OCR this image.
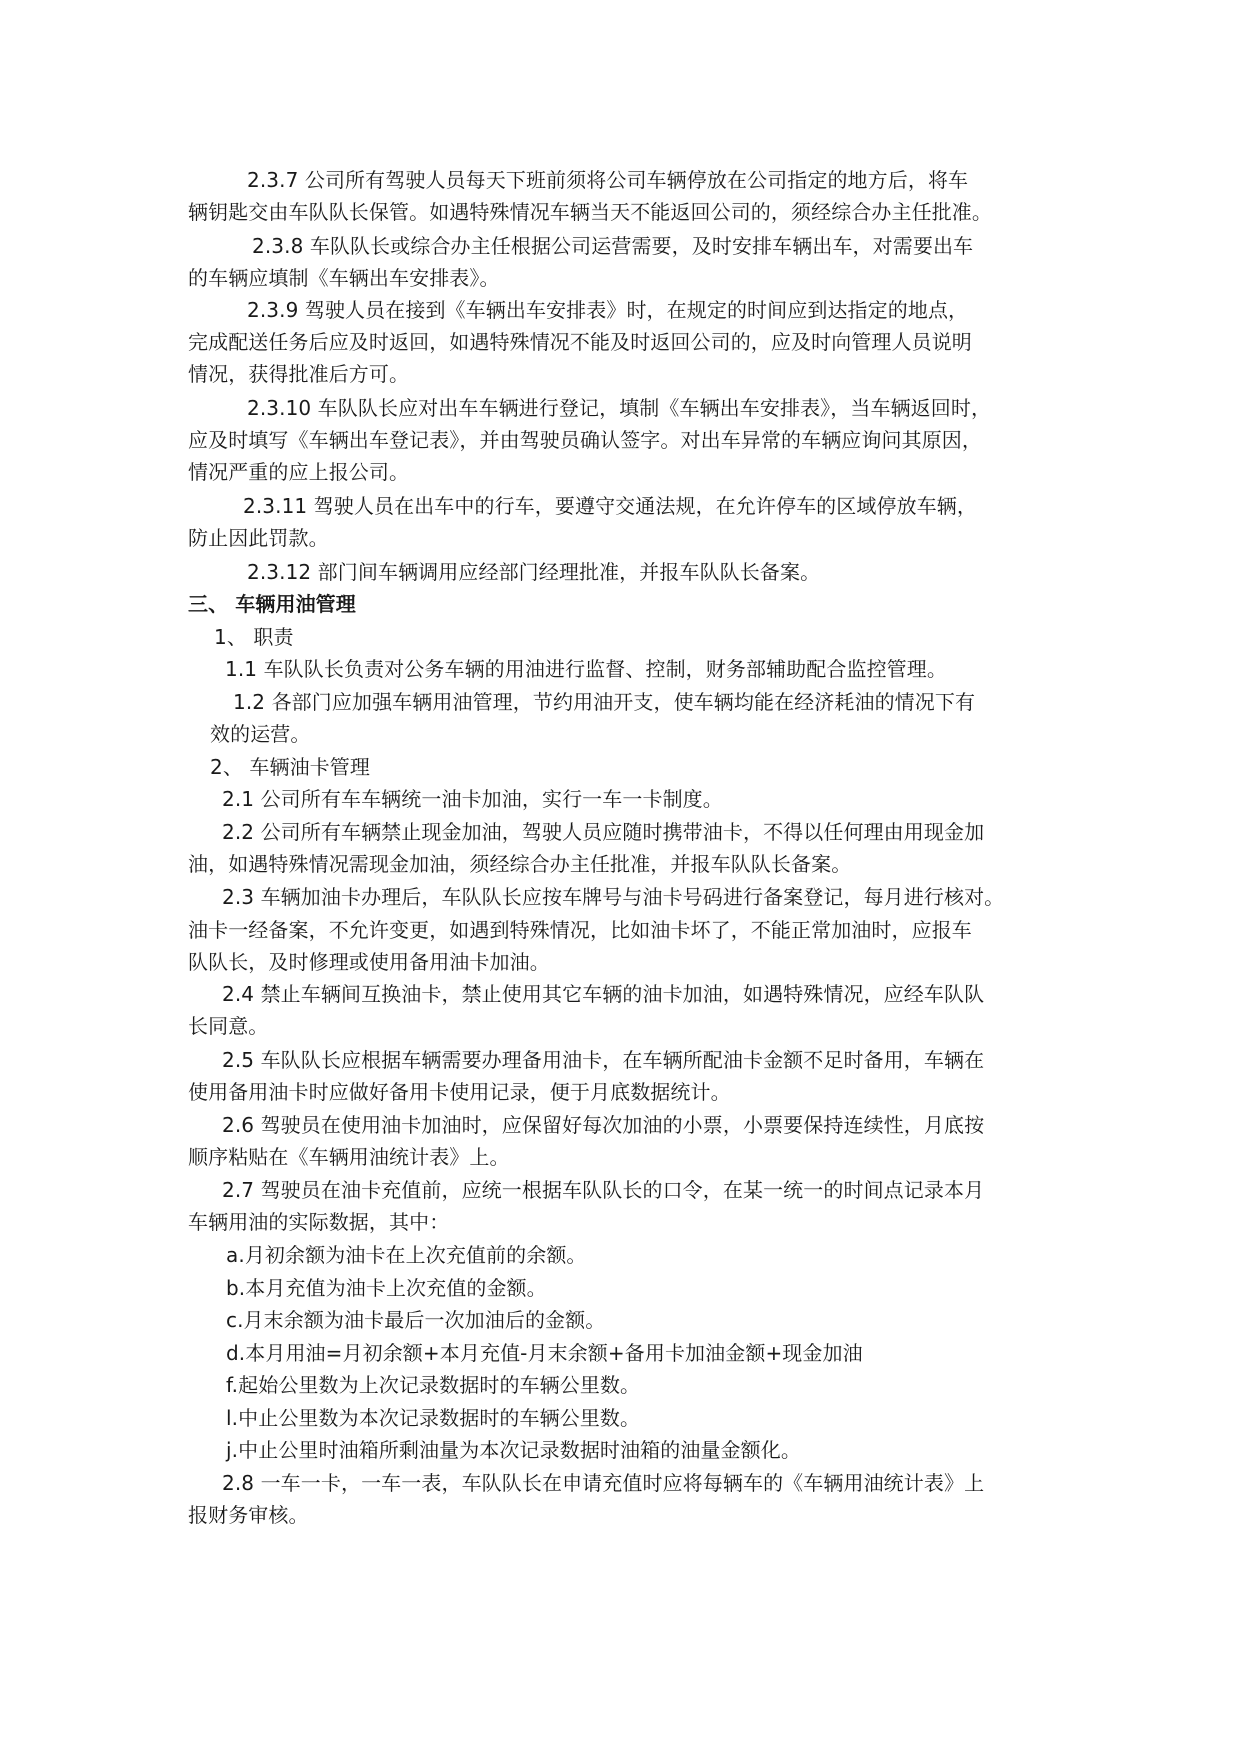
2.3.7 公司所有驾驶人员每天下班前须将公司车辆停放在公司指定的地方后，将车
辆钥匙交由车队队长保管。如遇特殊情况车辆当天不能返回公司的，须经综合办主任批准。
2.3.8 车队队长或综合办主任根据公司运营需要，及时安排车辆出车，对需要出车
的车辆应填制《车辆出车安排表》。
2.3.9 驾驶人员在接到《车辆出车安排表》时，在规定的时间应到达指定的地点，
完成配送任务后应及时返回，如遇特殊情况不能及时返回公司的，应及时向管理人员说明
情况，获得批准后方可。
2.3.10 车队队长应对出车车辆进行登记，填制《车辆出车安排表》，当车辆返回时，
应及时填写《车辆出车登记表》，并由驾驶员确认签字。对出车异常的车辆应询问其原因，
情况严重的应上报公司。
2.3.11 驾驶人员在出车中的行车，要遵守交通法规，在允许停车的区域停放车辆，
防止因此罚款。
2.3.12 部门间车辆调用应经部门经理批准，并报车队队长备案。
三、 车辆用油管理
1、 职责
1.1 车队队长负责对公务车辆的用油进行监督、控制，财务部辅助配合监控管理。
1.2 各部门应加强车辆用油管理，节约用油开支，使车辆均能在经济耗油的情况下有
效的运营。
2、 车辆油卡管理
2.1 公司所有车车辆统一油卡加油，实行一车一卡制度。
2.2 公司所有车辆禁止现金加油，驾驶人员应随时携带油卡，不得以任何理由用现金加
油，如遇特殊情况需现金加油，须经综合办主任批准，并报车队队长备案。
2.3 车辆加油卡办理后，车队队长应按车牌号与油卡号码进行备案登记，每月进行核对。
油卡一经备案，不允许变更，如遇到特殊情况，比如油卡坏了，不能正常加油时，应报车
队队长，及时修理或使用备用油卡加油。
2.4 禁止车辆间互换油卡，禁止使用其它车辆的油卡加油，如遇特殊情况，应经车队队
长同意。
2.5 车队队长应根据车辆需要办理备用油卡，在车辆所配油卡金额不足时备用，车辆在
使用备用油卡时应做好备用卡使用记录，便于月底数据统计。
2.6 驾驶员在使用油卡加油时，应保留好每次加油的小票，小票要保持连续性，月底按
顺序粘贴在《车辆用油统计表》上。
2.7 驾驶员在油卡充值前，应统一根据车队队长的口令，在某一统一的时间点记录本月
车辆用油的实际数据，其中：
a.月初余额为油卡在上次充值前的余额。
b.本月充值为油卡上次充值的金额。
c.月末余额为油卡最后一次加油后的金额。
d.本月用油=月初余额+本月充值-月末余额+备用卡加油金额+现金加油
f.起始公里数为上次记录数据时的车辆公里数。
l.中止公里数为本次记录数据时的车辆公里数。
j.中止公里时油箱所剩油量为本次记录数据时油箱的油量金额化。
2.8 一车一卡，一车一表，车队队长在申请充值时应将每辆车的《车辆用油统计表》上
报财务审核。
